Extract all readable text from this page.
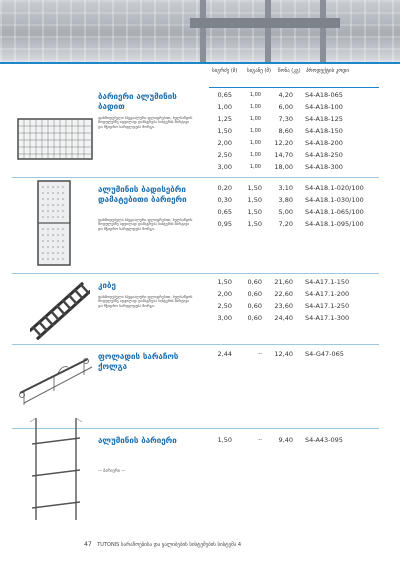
სიგრძე (მ)	სიგანე (მ)	წონა (კგ) პროდუქტის კოდი
ბარიერი ალუმინის ბადით
ფასმოდებული სპეციალური ფლიფრებით, ხელსაწყოს მოდულებზე ადვილად დამაგრება სისტემის მარტივი და მჭიდრო სარფლდება მორგი.
0,65	1,00	4,20 S4-A18-065
1,00	1,00	6,00 S4-A18-100
1,25	1,00	7,30 S4-A18-125
1,50	1,00	8,60 S4-A18-150
2,00	1,00	12,20 S4-A18-200
2,50	1,00	14,70 S4-A18-250
3,00	1,00	18,00 S4-A18-300
ალუმინის ბადისებრი დამატებითი ბარიერი
ფასმოდებული სპეციალური ფლიფრებით, ხელსაწყოს მოდულებზე ადვილად დამაგრება სისტემის მარტივი და მჭიდრო სარფლდება მორგი.
0,20	1,50	3,10 S4-A18.1-020/100
0,30	1,50	3,80 S4-A18.1-030/100
0,65	1,50	5,00 S4-A18.1-065/100
0,95	1,50	7,20 S4-A18.1-095/100
კიბე
ფასმოდებული სპეციალური ფლიფრებით, ხელსაწყოს მოდულებზე ადვილად დამაგრება სისტემის მარტივი და მჭიდრო სარფლდება მორგი.
1,50	0,60	21,60 S4-A17.1-150
2,00	0,60	22,60 S4-A17.1-200
2,50	0,60	23,60 S4-A17.1-250
3,00	0,60	24,40 S4-A17.1-300
ფოლადის სარაჩოს ქოლგა
2,44	--	12,40 S4-G47-065
ალუმინის ბარიერი
— ბარიერი —
1,50	--	9,40 S4-A43-095
47 TUTONIS სარაჩოებისა და ყალიბების სისტემების სისტემა 4
